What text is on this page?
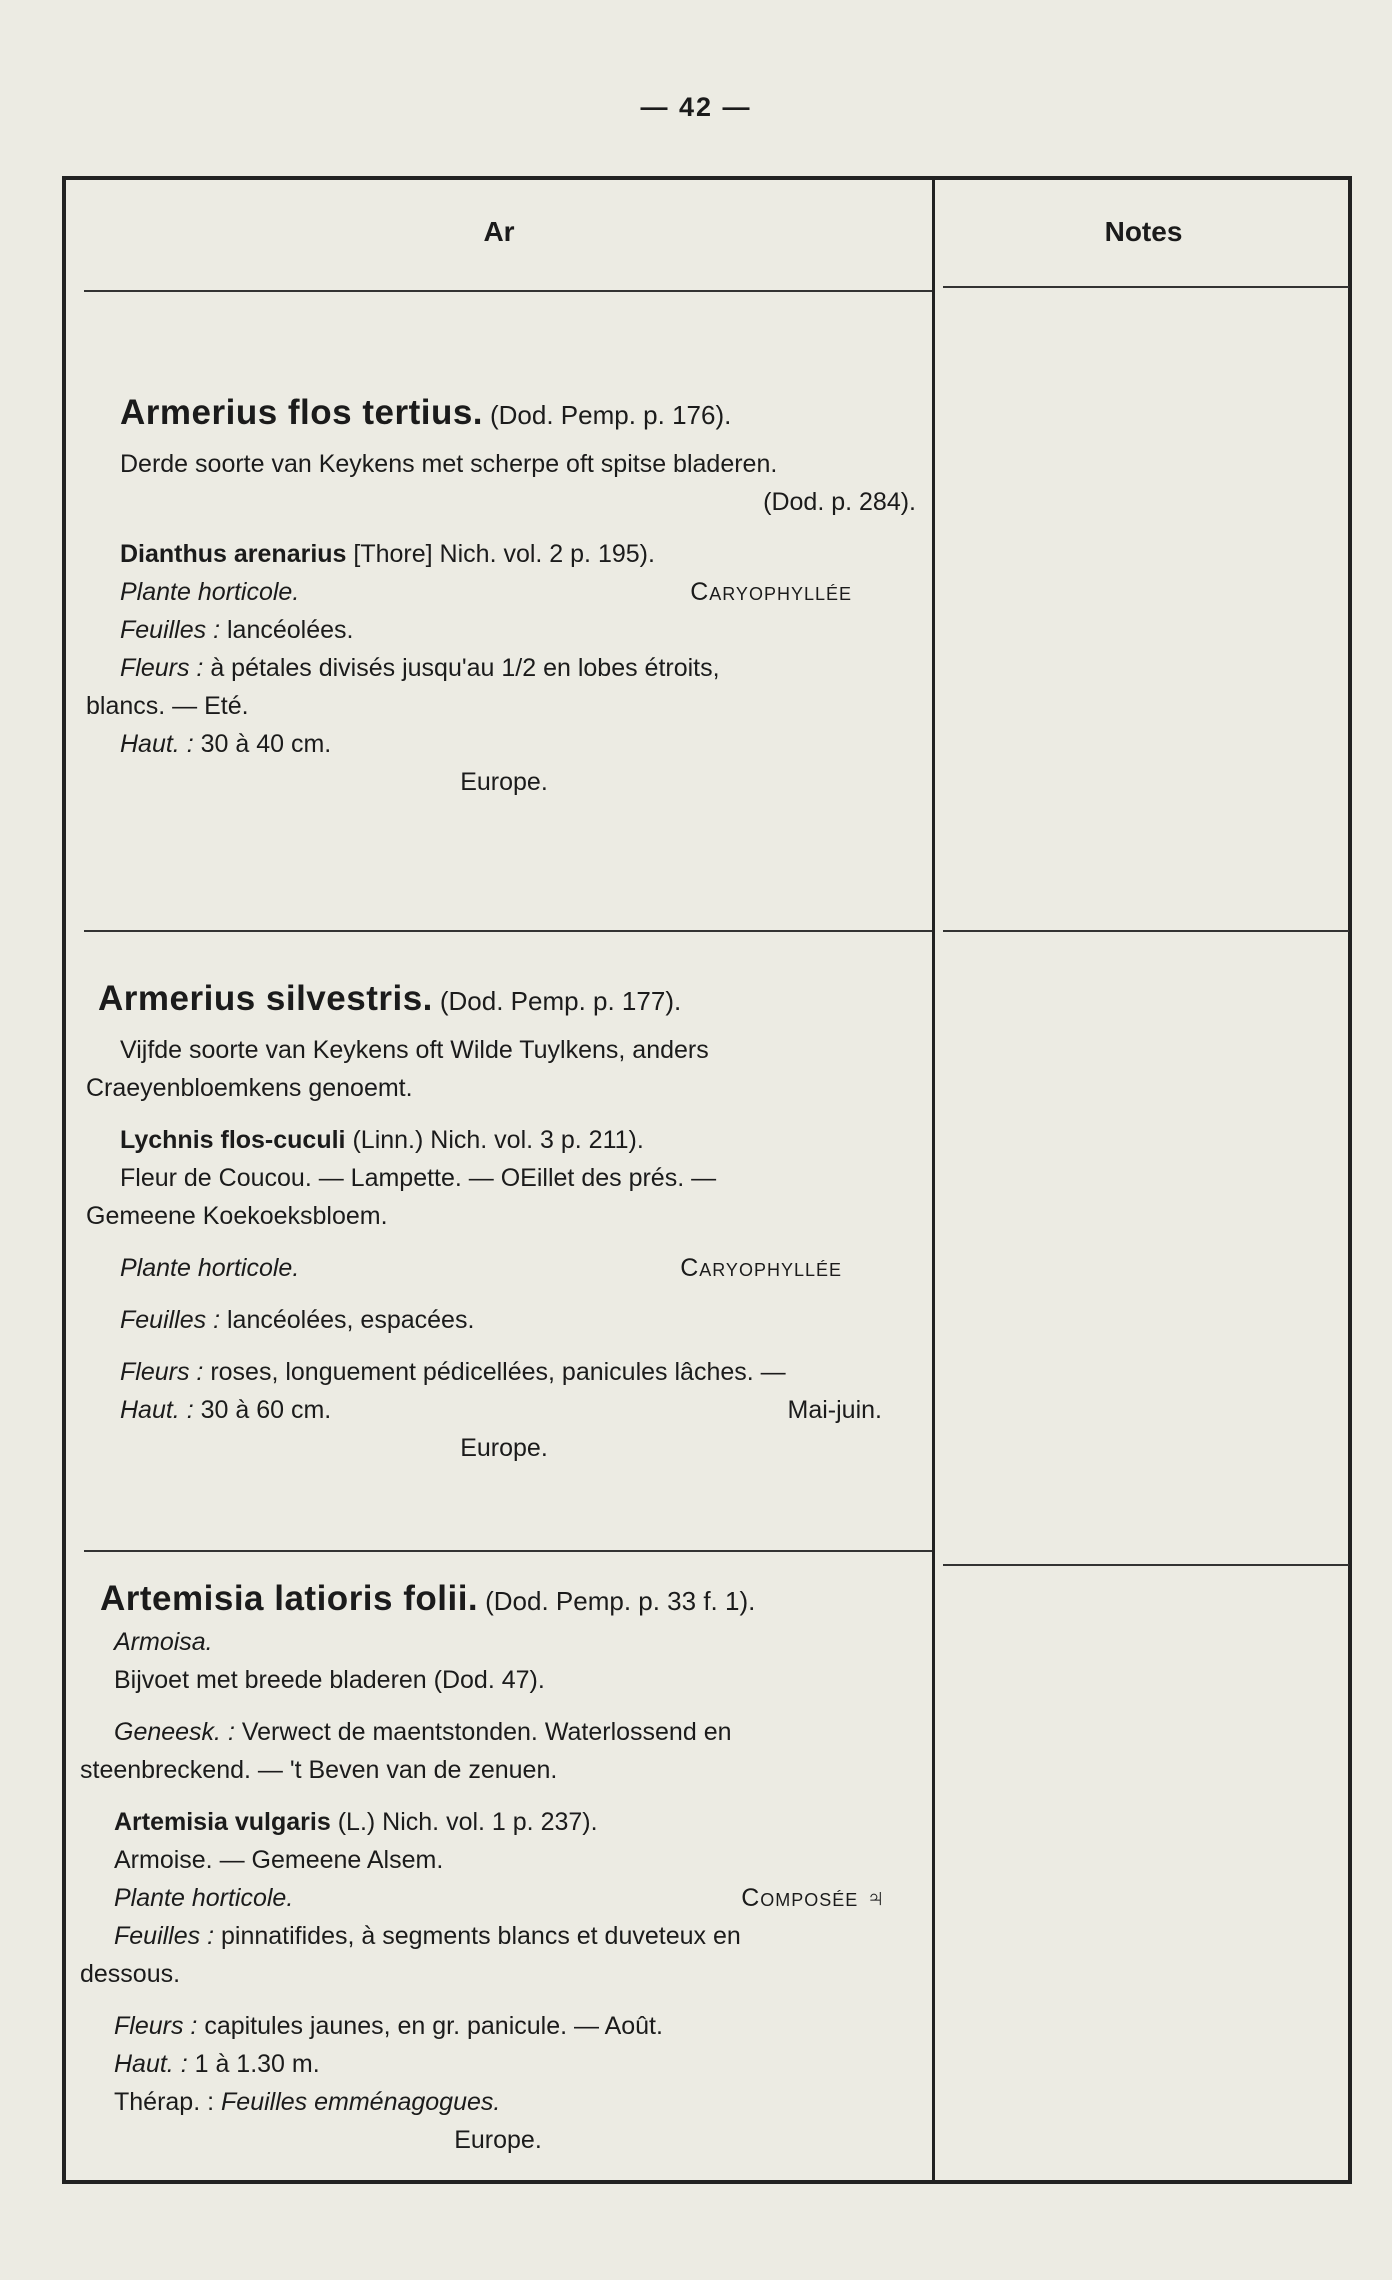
— 42 —
Ar	Notes

Armerius flos tertius. (Dod. Pemp. p. 176).

Derde soorte van Keykens met scherpe oft spitse bladeren.

(Dod. p. 284).

Dianthus arenarius [Thore] Nich. vol. 2 p. 195).

Plante horticole.	Caryophyllée

Feuilles : lancéolées.

Fleurs : à pétales divisés jusqu'au 1/2 en lobes étroits,

blancs. — Eté.

Haut. : 30 à 40 cm.

Europe.

Armerius silvestris. (Dod. Pemp. p. 177).

Vijfde soorte van Keykens oft Wilde Tuylkens, anders

Craeyenbloemkens genoemt.

Lychnis flos-cuculi (Linn.) Nich. vol. 3 p. 211).

Fleur de Coucou. — Lampette. — OEillet des prés. —

Gemeene Koekoeksbloem.

Plante horticole.	Caryophyllée

Feuilles : lancéolées, espacées.

Fleurs : roses, longuement pédicellées, panicules lâches. —

Haut. : 30 à 60 cm.	Mai-juin.

Europe.

Artemisia latioris folii. (Dod. Pemp. p. 33 f. 1).

Armoisa.

Bijvoet met breede bladeren (Dod. 47).

Geneesk. : Verwect de maentstonden. Waterlossend en

steenbreckend. — 't Beven van de zenuen.

Artemisia vulgaris (L.) Nich. vol. 1 p. 237).

Armoise. — Gemeene Alsem.

Plante horticole.	Composée ♃

Feuilles : pinnatifides, à segments blancs et duveteux en

dessous.

Fleurs : capitules jaunes, en gr. panicule. — Août.

Haut. : 1 à 1.30 m.

Thérap. : Feuilles emménagogues.

Europe.
